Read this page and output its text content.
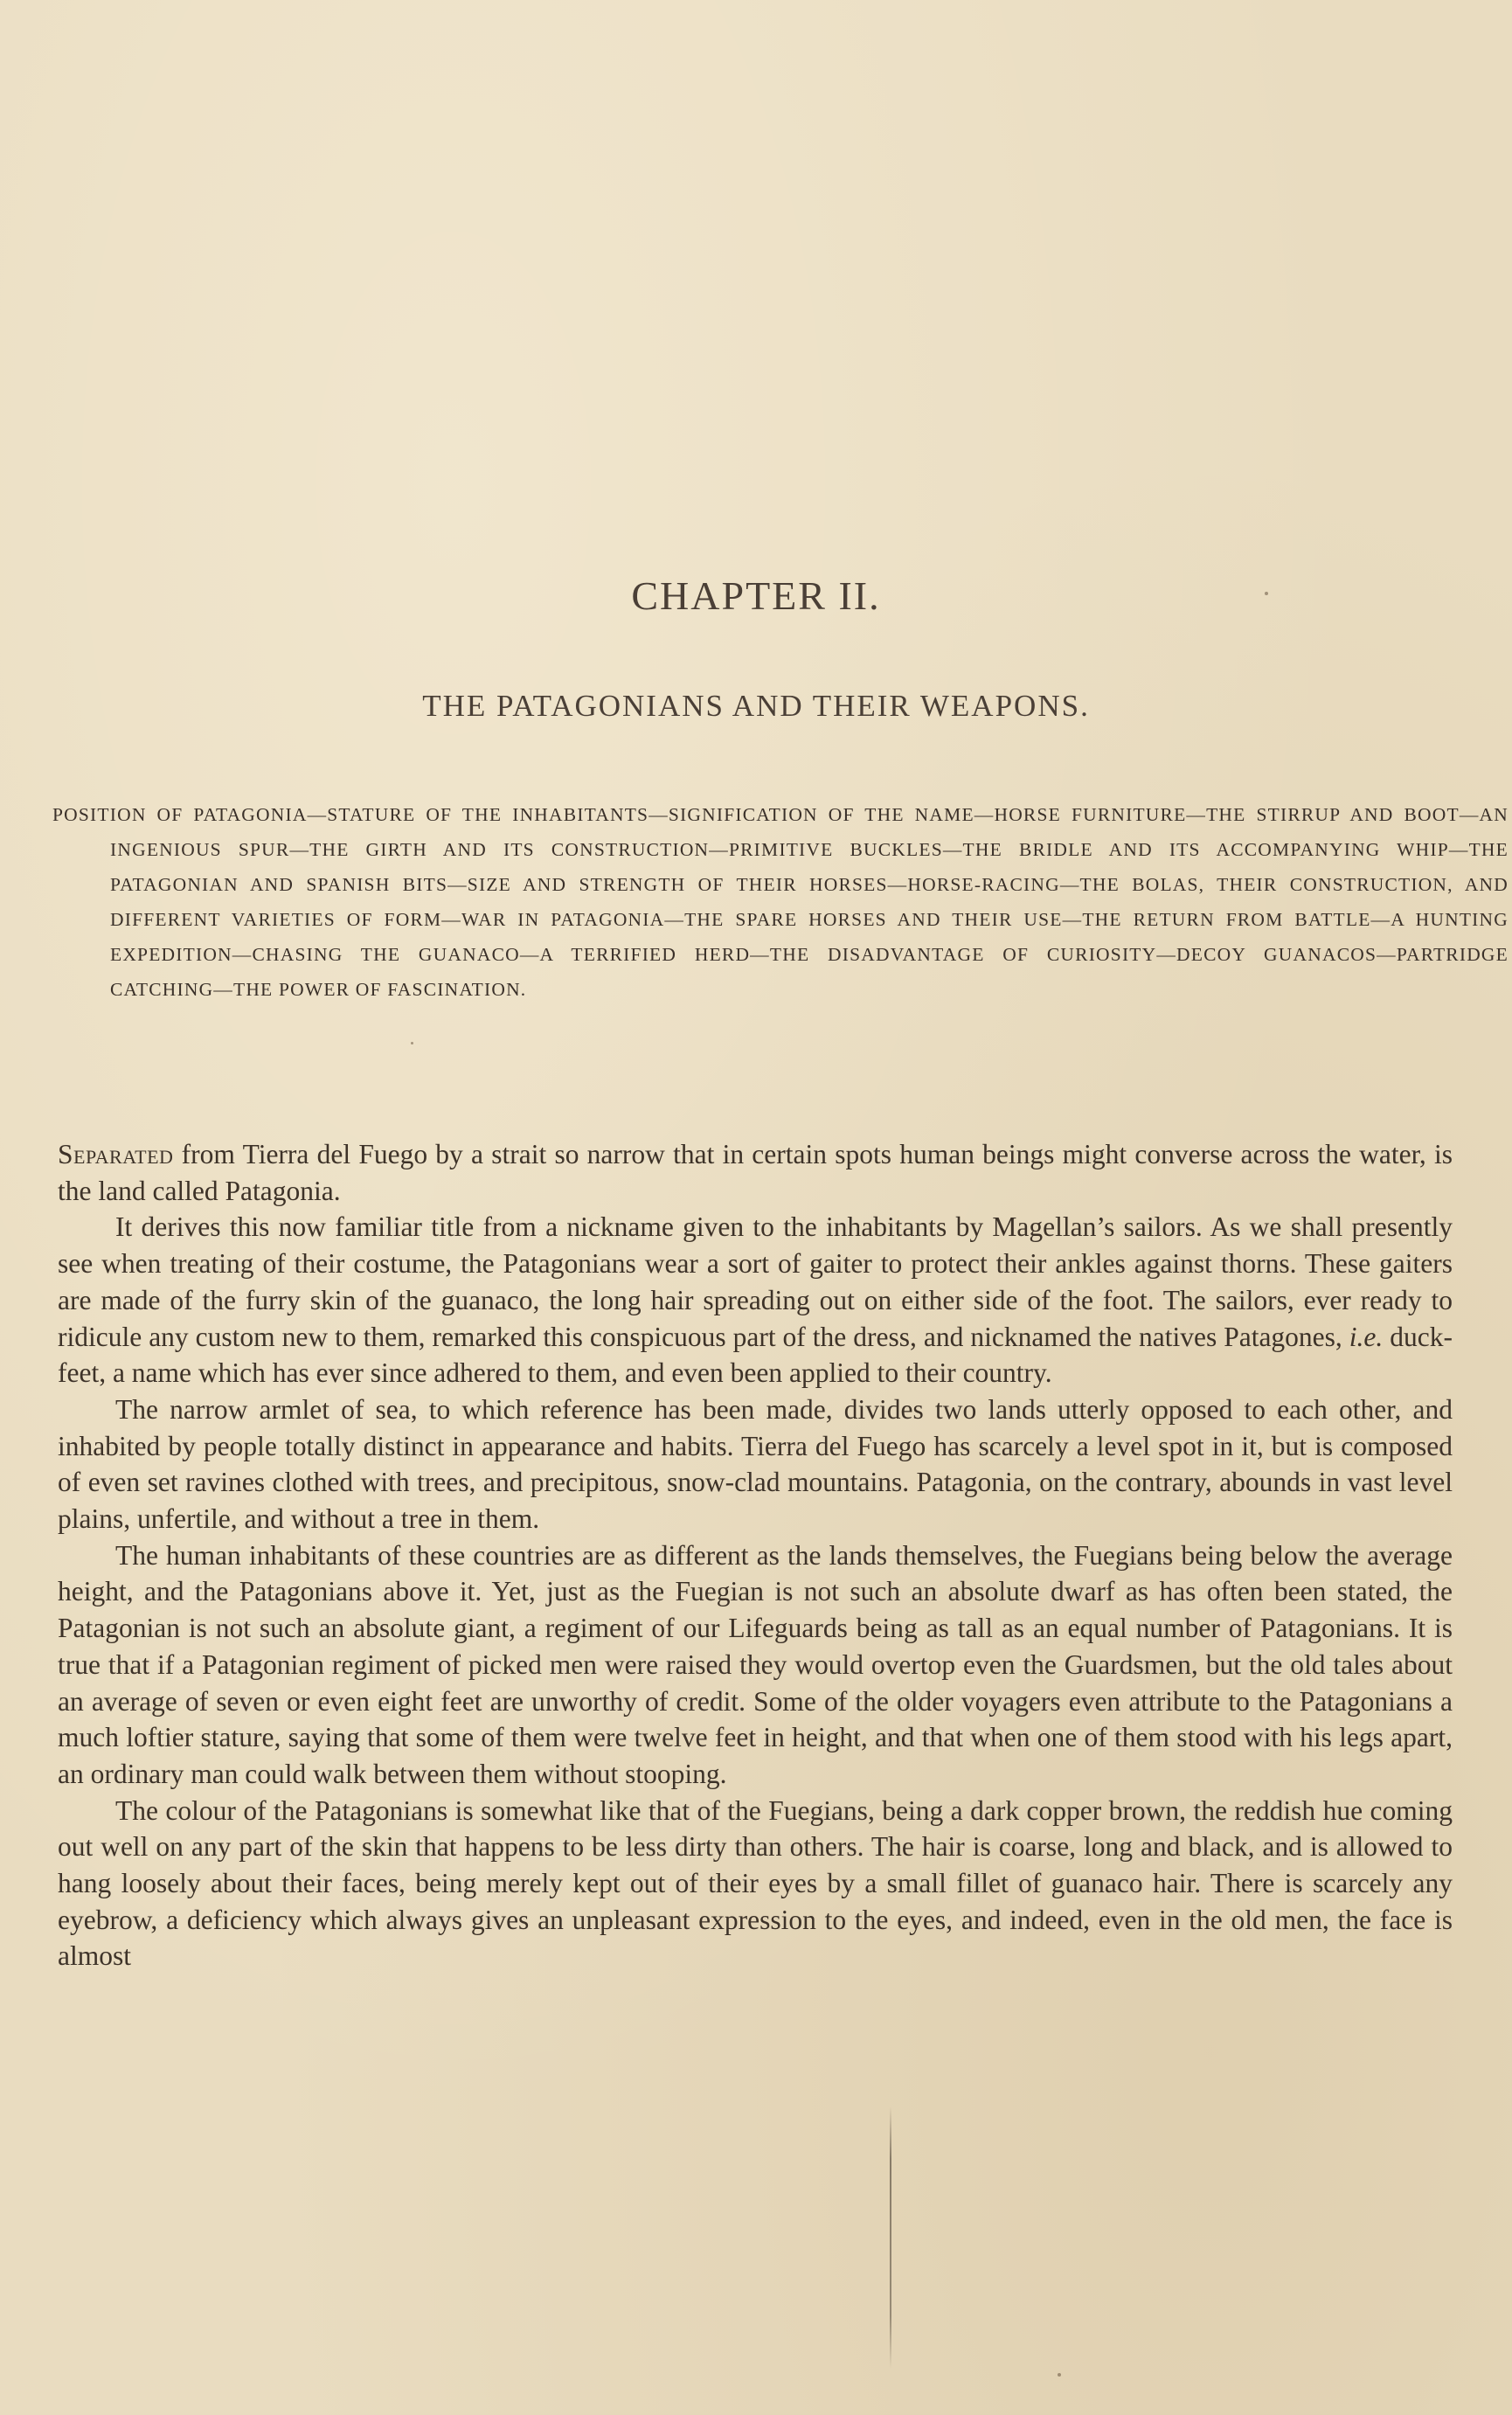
CHAPTER II.
THE PATAGONIANS AND THEIR WEAPONS.

POSITION OF PATAGONIA—STATURE OF THE INHABITANTS—SIGNIFICATION OF THE NAME—HORSE FURNITURE—THE STIRRUP AND BOOT—AN INGENIOUS SPUR—THE GIRTH AND ITS CONSTRUCTION—PRIMITIVE BUCKLES—THE BRIDLE AND ITS ACCOMPANYING WHIP—THE PATAGONIAN AND SPANISH BITS—SIZE AND STRENGTH OF THEIR HORSES—HORSE-RACING—THE BOLAS, THEIR CONSTRUCTION, AND DIFFERENT VARIETIES OF FORM—WAR IN PATAGONIA—THE SPARE HORSES AND THEIR USE—THE RETURN FROM BATTLE—A HUNTING EXPEDITION—CHASING THE GUANACO—A TERRIFIED HERD—THE DISADVANTAGE OF CURIOSITY—DECOY GUANACOS—PARTRIDGE CATCHING—THE POWER OF FASCINATION.

Separated from Tierra del Fuego by a strait so narrow that in certain spots human beings might converse across the water, is the land called Patagonia.

It derives this now familiar title from a nickname given to the inhabitants by Magellan’s sailors. As we shall presently see when treating of their costume, the Patagonians wear a sort of gaiter to protect their ankles against thorns. These gaiters are made of the furry skin of the guanaco, the long hair spreading out on either side of the foot. The sailors, ever ready to ridicule any custom new to them, remarked this conspicuous part of the dress, and nicknamed the natives Patagones, i.e. duck-feet, a name which has ever since adhered to them, and even been applied to their country.

The narrow armlet of sea, to which reference has been made, divides two lands utterly opposed to each other, and inhabited by people totally distinct in appearance and habits. Tierra del Fuego has scarcely a level spot in it, but is composed of even set ravines clothed with trees, and precipitous, snow-clad mountains. Patagonia, on the contrary, abounds in vast level plains, unfertile, and without a tree in them.

The human inhabitants of these countries are as different as the lands themselves, the Fuegians being below the average height, and the Patagonians above it. Yet, just as the Fuegian is not such an absolute dwarf as has often been stated, the Patagonian is not such an absolute giant, a regiment of our Lifeguards being as tall as an equal number of Patagonians. It is true that if a Patagonian regiment of picked men were raised they would overtop even the Guardsmen, but the old tales about an average of seven or even eight feet are unworthy of credit. Some of the older voyagers even attribute to the Patagonians a much loftier stature, saying that some of them were twelve feet in height, and that when one of them stood with his legs apart, an ordinary man could walk between them without stooping.

The colour of the Patagonians is somewhat like that of the Fuegians, being a dark copper brown, the reddish hue coming out well on any part of the skin that happens to be less dirty than others. The hair is coarse, long and black, and is allowed to hang loosely about their faces, being merely kept out of their eyes by a small fillet of guanaco hair. There is scarcely any eyebrow, a deficiency which always gives an unpleasant expression to the eyes, and indeed, even in the old men, the face is almost
